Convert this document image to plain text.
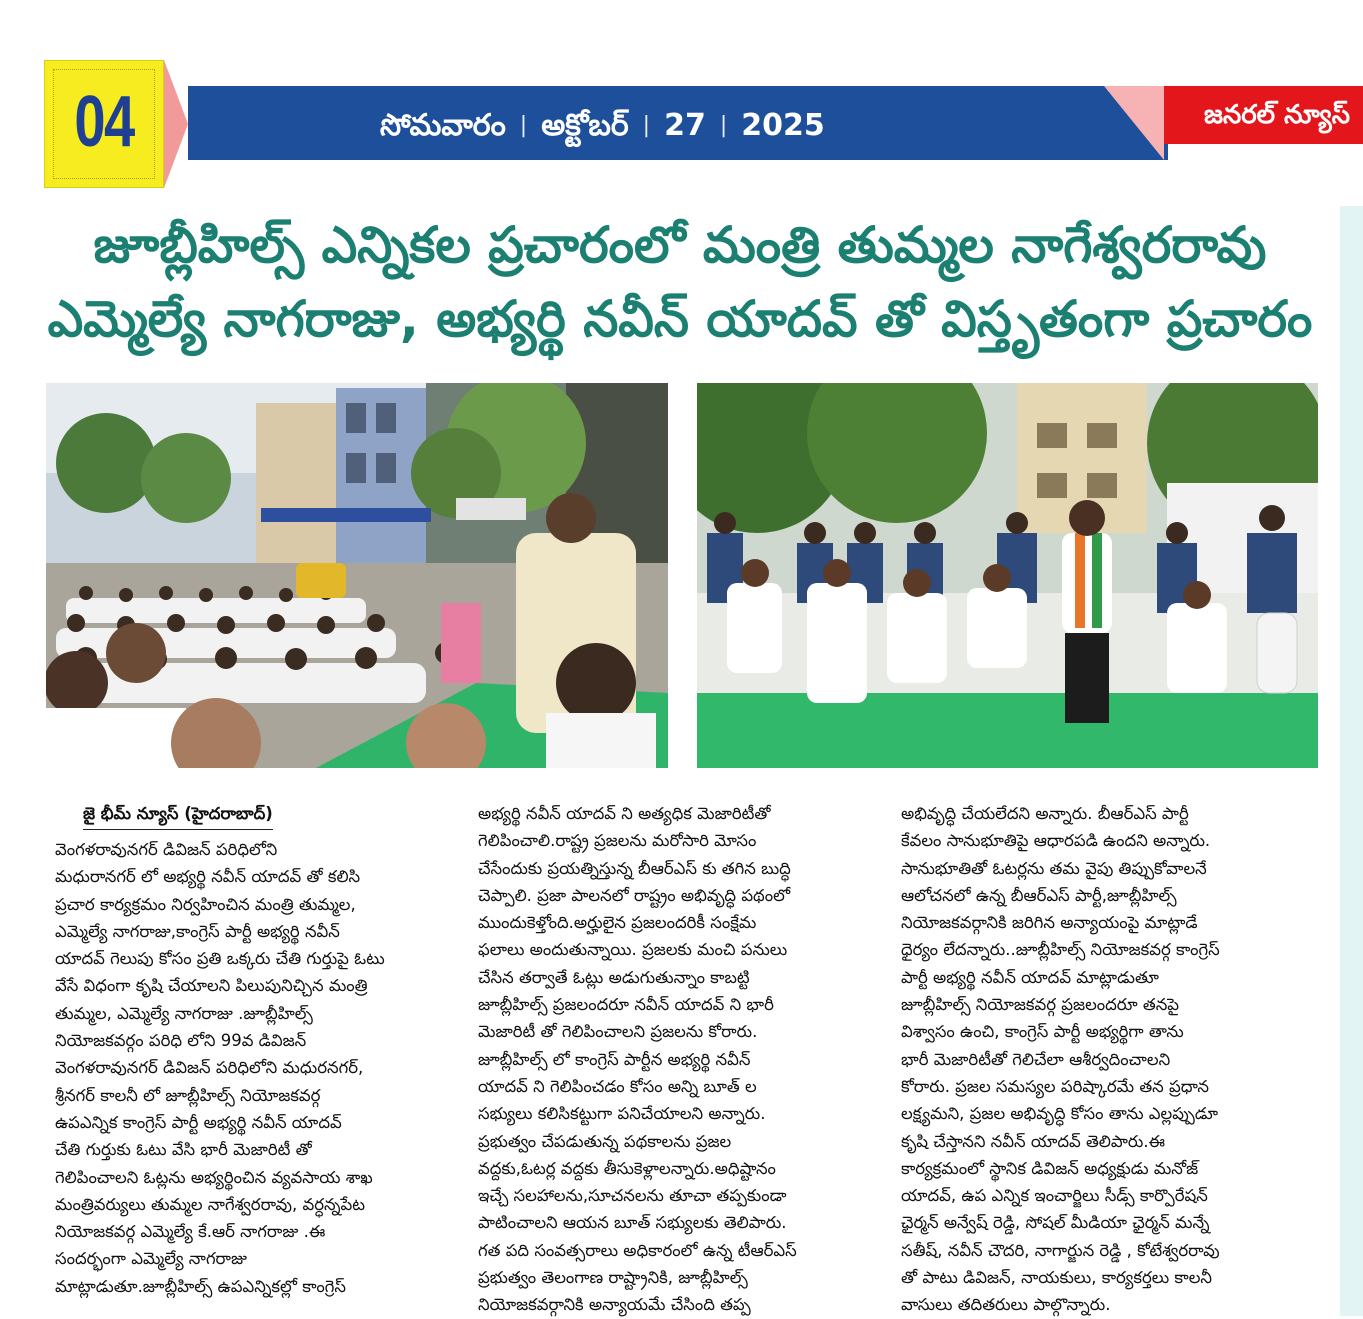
04	సోమవారం | అక్టోబర్ | 27 | 2025	జనరల్ న్యూస్
జూబ్లీహిల్స్ ఎన్నికల ప్రచారంలో మంత్రి తుమ్మల నాగేశ్వరరావు
ఎమ్మెల్యే నాగరాజు, అభ్యర్థి నవీన్ యాదవ్ తో విస్తృతంగా ప్రచారం
జై భీమ్ న్యూస్ (హైదరాబాద్)

వెంగళరావునగర్ డివిజన్ పరిధిలోని
మధురానగర్ లో అభ్యర్థి నవీన్ యాదవ్ తో కలిసి
ప్రచార కార్యక్రమం నిర్వహించిన మంత్రి తుమ్మల,
ఎమ్మెల్యే నాగరాజు,కాంగ్రెస్ పార్టీ అభ్యర్థి నవీన్
యాదవ్ గెలుపు కోసం ప్రతి ఒక్కరు చేతి గుర్తుపై ఓటు
వేసే విధంగా కృషి చేయాలని పిలుపునిచ్చిన మంత్రి
తుమ్మల, ఎమ్మెల్యే నాగరాజు .జూబ్లీహిల్స్
నియోజకవర్గం పరిధి లోని 99వ డివిజన్
వెంగళరావునగర్ డివిజన్ పరిధిలోని మధురనగర్,
శ్రీనగర్ కాలనీ లో జూబ్లీహిల్స్ నియోజకవర్గ
ఉపఎన్నిక కాంగ్రెస్ పార్టీ అభ్యర్థి నవీన్ యాదవ్
చేతి గుర్తుకు ఓటు వేసి భారీ మెజారిటీ తో
గెలిపించాలని ఓట్లను అభ్యర్థించిన వ్యవసాయ శాఖ
మంత్రివర్యులు తుమ్మల నాగేశ్వరరావు, వర్ధన్నపేట
నియోజకవర్గ ఎమ్మెల్యే కే.ఆర్ నాగరాజు .ఈ
సందర్భంగా ఎమ్మెల్యే నాగరాజు
మాట్లాడుతూ.జూబ్లీహిల్స్ ఉపఎన్నికల్లో కాంగ్రెస్

అభ్యర్థి నవీన్ యాదవ్ ని అత్యధిక మెజారిటీతో
గెలిపించాలి.రాష్ట్ర ప్రజలను మరోసారి మోసం
చేసేందుకు ప్రయత్నిస్తున్న బీఆర్ఎస్ కు తగిన బుద్ధి
చెప్పాలి. ప్రజా పాలనలో రాష్ట్రం అభివృద్ధి పథంలో
ముందుకెళ్తోంది.అర్హులైన ప్రజలందరికీ సంక్షేమ
ఫలాలు అందుతున్నాయి. ప్రజలకు మంచి పనులు
చేసిన తర్వాతే ఓట్లు అడుగుతున్నాం కాబట్టి
జూబ్లీహిల్స్ ప్రజలందరూ నవీన్ యాదవ్ ని భారీ
మెజారిటీ తో గెలిపించాలని ప్రజలను కోరారు.
జూబ్లీహిల్స్ లో కాంగ్రెస్ పార్టీన అభ్యర్థి నవీన్
యాదవ్ ని గెలిపించడం కోసం అన్ని బూత్ ల
సభ్యులు కలిసికట్టుగా పనిచేయాలని అన్నారు.
ప్రభుత్వం చేపడుతున్న పథకాలను ప్రజల
వద్దకు,ఓటర్ల వద్దకు తీసుకెళ్లాలన్నారు.అధిష్టానం
ఇచ్చే సలహాలను,సూచనలను తూచా తప్పకుండా
పాటించాలని ఆయన బూత్ సభ్యులకు తెలిపారు.
గత పది సంవత్సరాలు అధికారంలో ఉన్న టీఆర్ఎస్
ప్రభుత్వం తెలంగాణ రాష్ట్రానికి, జూబ్లీహిల్స్
నియోజకవర్గానికి అన్యాయమే చేసింది తప్ప

అభివృద్ధి చేయలేదని అన్నారు. బీఆర్ఎస్ పార్టీ
కేవలం సానుభూతిపై ఆధారపడి ఉందని అన్నారు.
సానుభూతితో ఓటర్లను తమ వైపు తిప్పుకోవాలనే
ఆలోచనలో ఉన్న బీఆర్ఎస్ పార్టీ,జూబ్లీహిల్స్
నియోజకవర్గానికి జరిగిన అన్యాయంపై మాట్లాడే
ధైర్యం లేదన్నారు..జూబ్లీహిల్స్ నియోజకవర్గ కాంగ్రెస్
పార్టీ అభ్యర్థి నవీన్ యాదవ్ మాట్లాడుతూ
జూబ్లీహిల్స్ నియోజకవర్గ ప్రజలందరూ తనపై
విశ్వాసం ఉంచి, కాంగ్రెస్ పార్టీ అభ్యర్థిగా తాను
భారీ మెజారిటీతో గెలిచేలా ఆశీర్వదించాలని
కోరారు. ప్రజల సమస్యల పరిష్కారమే తన ప్రధాన
లక్ష్యమని, ప్రజల అభివృద్ధి కోసం తాను ఎల్లప్పుడూ
కృషి చేస్తానని నవీన్ యాదవ్ తెలిపారు.ఈ
కార్యక్రమంలో స్థానిక డివిజన్ అధ్యక్షుడు మనోజ్
యాదవ్, ఉప ఎన్నిక ఇంచార్జిలు సీడ్స్ కార్పొరేషన్
ఛైర్మన్ అన్వేష్ రెడ్డి, సోషల్ మీడియా ఛైర్మన్ మన్నే
సతీష్, నవీన్ చౌదరి, నాగార్జున రెడ్డి , కోటేశ్వరరావు
తో పాటు డివిజన్, నాయకులు, కార్యకర్తలు కాలనీ
వాసులు తదితరులు పాల్గొన్నారు.
